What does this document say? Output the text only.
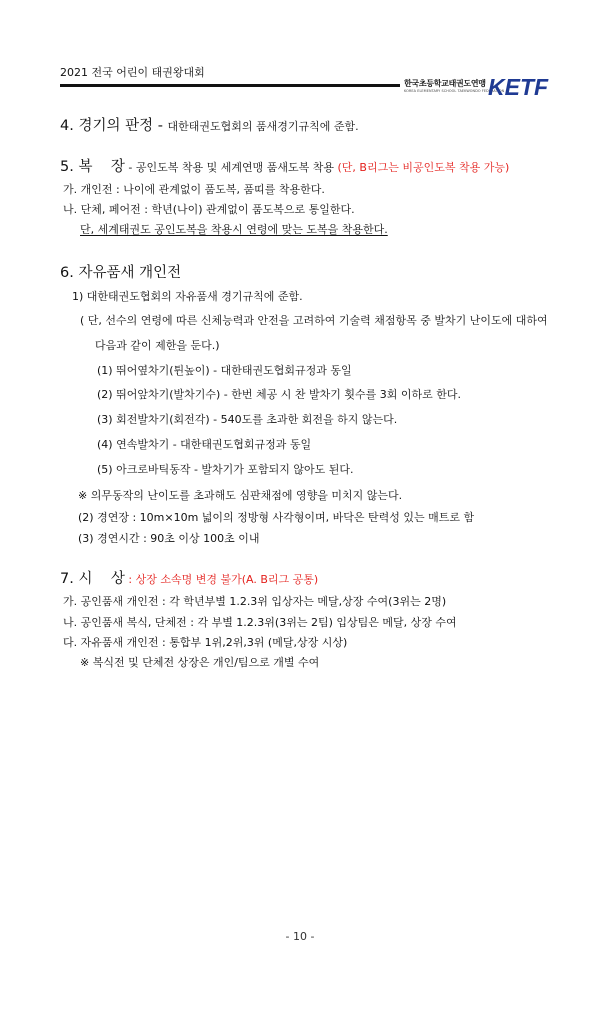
2021 전국 어린이 태권왕대회
한국초등학교태권도연맹
KOREA ELEMENTARY SCHOOL TAEKWONDO FEDERATION
KETF
4. 경기의 판정 - 대한태권도협회의 품새경기규칙에 준함.
5. 복    장 - 공인도복 착용 및 세계연맹 품새도복 착용 (단, B리그는 비공인도복 착용 가능)
가. 개인전 : 나이에 관계없이 품도복, 품띠를 착용한다.
나. 단체, 페어전 : 학년(나이) 관계없이 품도복으로 통일한다.
단, 세계태권도 공인도복을 착용시 연령에 맞는 도복을 착용한다.
6. 자유품새 개인전
1) 대한태권도협회의 자유품새 경기규칙에 준함.
( 단, 선수의 연령에 따른 신체능력과 안전을 고려하여 기술력 채점항목 중 발차기 난이도에 대하여
다음과 같이 제한을 둔다.)
(1) 뛰어옆차기(튄높이) - 대한태권도협회규정과 동일
(2) 뛰어앞차기(발차기수) - 한번 체공 시 찬 발차기 횟수를 3회 이하로 한다.
(3) 회전발차기(회전각) - 540도를 초과한 회전을 하지 않는다.
(4) 연속발차기 - 대한태권도협회규정과 동일
(5) 아크로바틱동작 - 발차기가 포함되지 않아도 된다.
※ 의무동작의 난이도를 초과해도 심판채점에 영향을 미치지 않는다.
(2) 경연장 : 10m×10m 넓이의 정방형 사각형이며, 바닥은 탄력성 있는 매트로 함
(3) 경연시간 : 90초 이상 100초 이내
7. 시    상 : 상장 소속명 변경 불가(A. B리그 공통)
가. 공인품새 개인전 : 각 학년부별 1.2.3위 입상자는 메달,상장 수여(3위는 2명)
나. 공인품새 복식, 단체전 : 각 부별 1.2.3위(3위는 2팀) 입상팀은 메달, 상장 수여
다. 자유품새 개인전 : 통합부 1위,2위,3위 (메달,상장 시상)
※ 복식전 및 단체전 상장은 개인/팀으로 개별 수여
- 10 -
